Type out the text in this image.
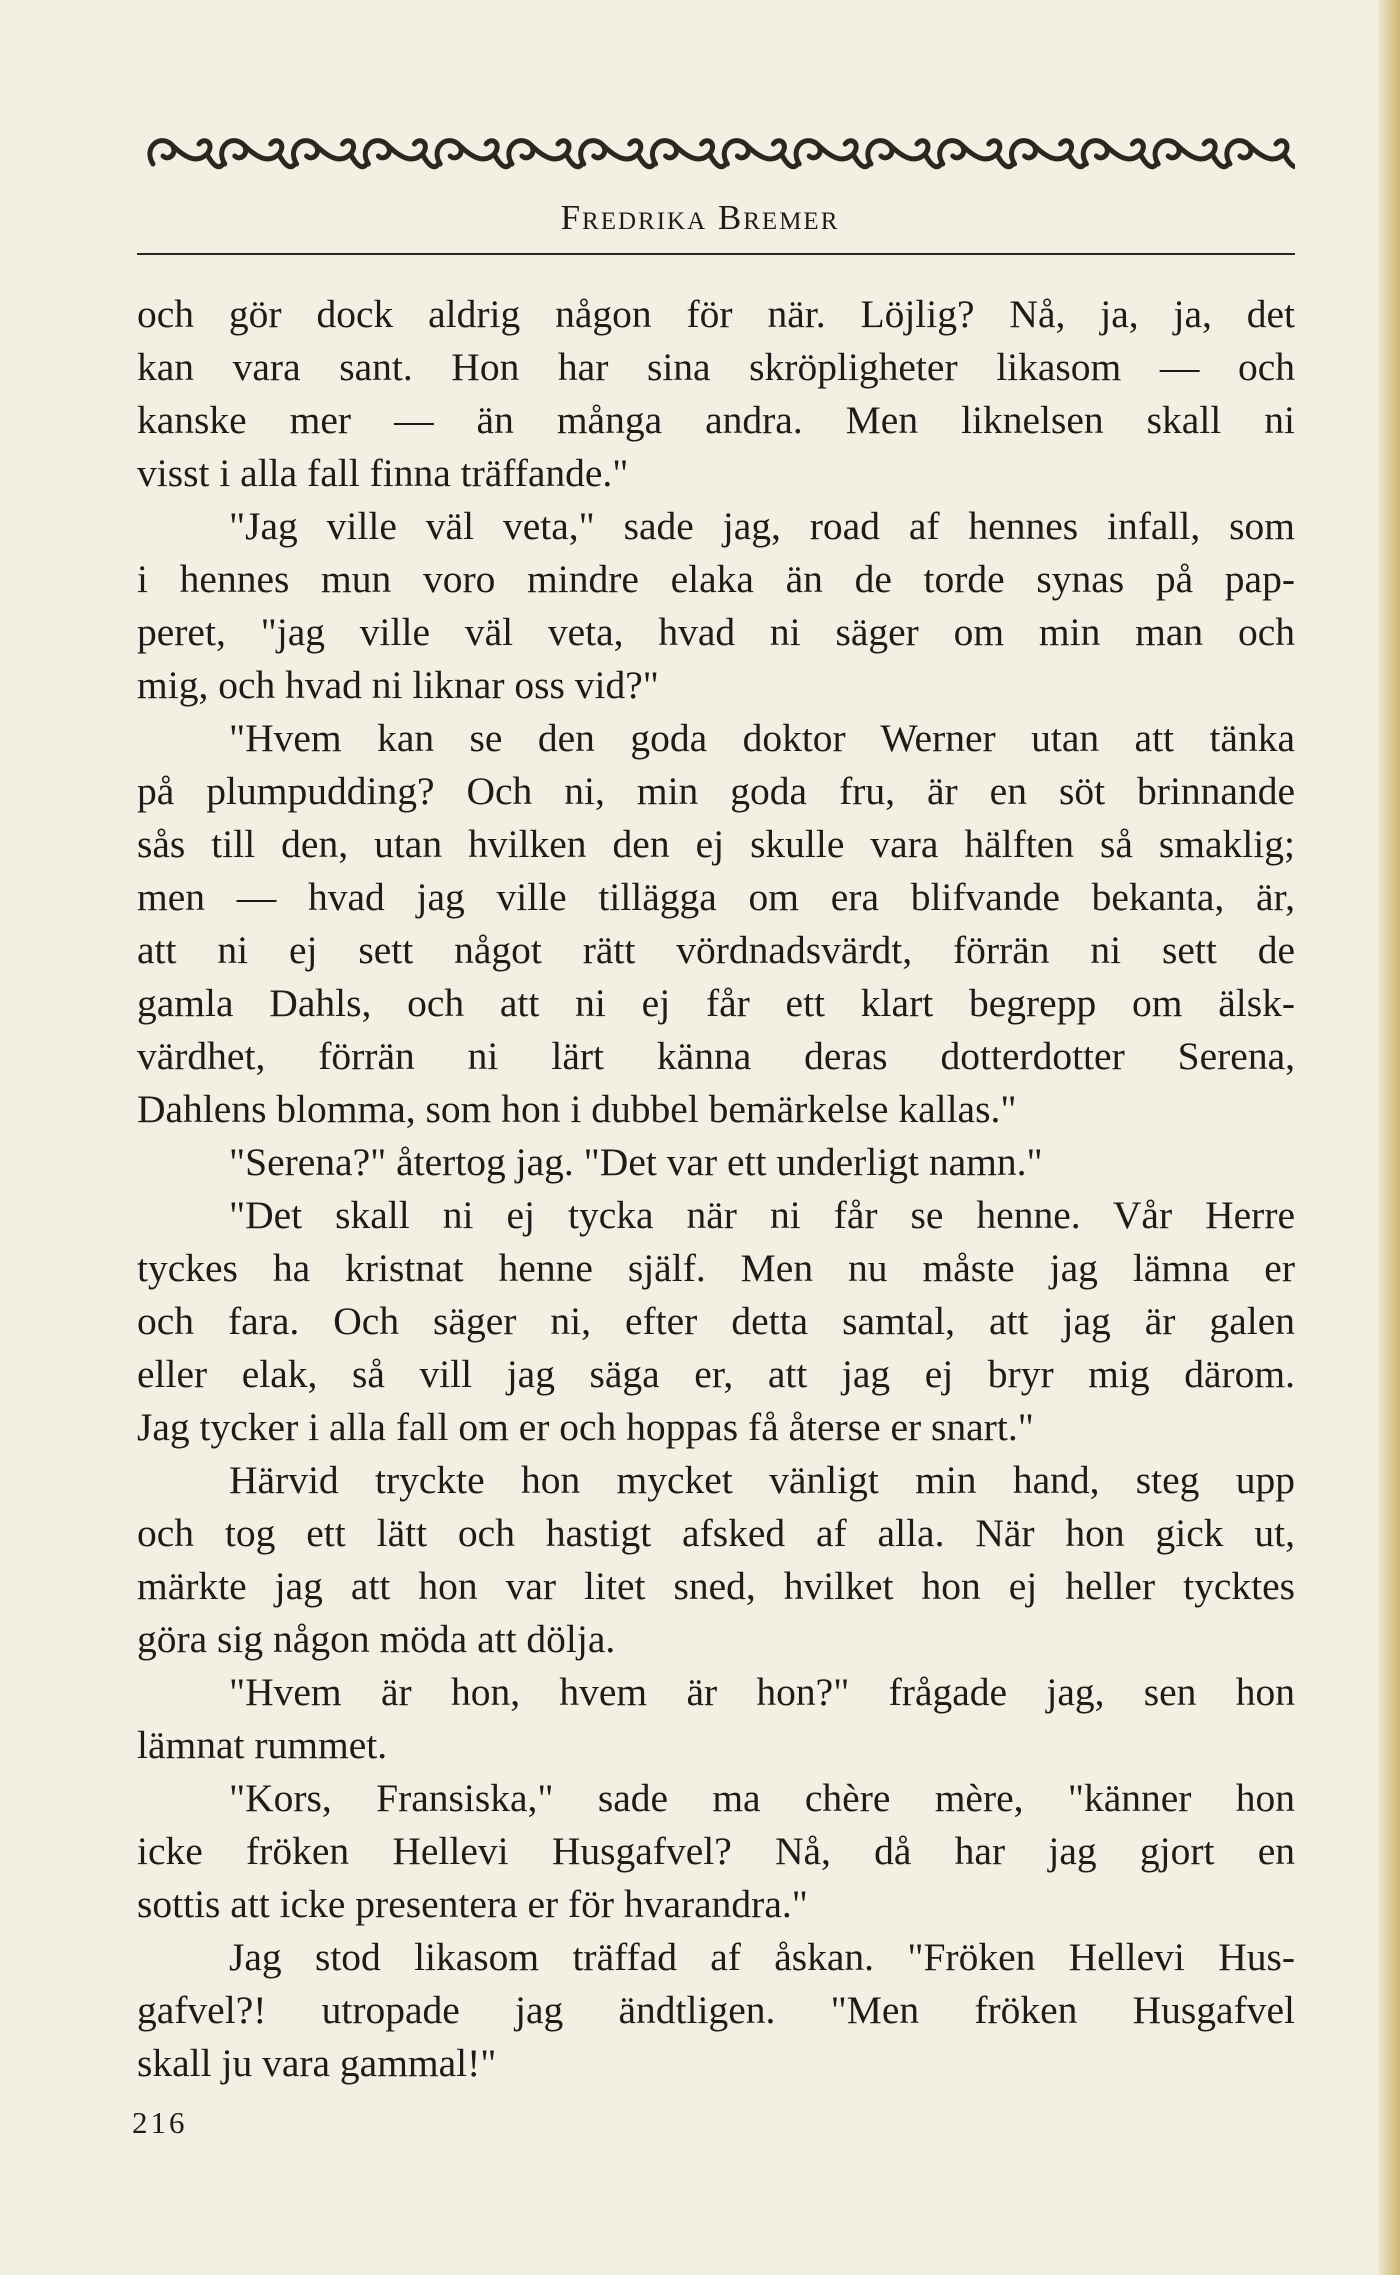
Fredrika Bremer
och gör dock aldrig någon för när. Löjlig? Nå, ja, ja, det
kan vara sant. Hon har sina skröpligheter likasom — och
kanske mer — än många andra. Men liknelsen skall ni
visst i alla fall finna träffande."
"Jag ville väl veta," sade jag, road af hennes infall, som
i hennes mun voro mindre elaka än de torde synas på pap-
peret, "jag ville väl veta, hvad ni säger om min man och
mig, och hvad ni liknar oss vid?"
"Hvem kan se den goda doktor Werner utan att tänka
på plumpudding? Och ni, min goda fru, är en söt brinnande
sås till den, utan hvilken den ej skulle vara hälften så smaklig;
men — hvad jag ville tillägga om era blifvande bekanta, är,
att ni ej sett något rätt vördnadsvärdt, förrän ni sett de
gamla Dahls, och att ni ej får ett klart begrepp om älsk-
värdhet, förrän ni lärt känna deras dotterdotter Serena,
Dahlens blomma, som hon i dubbel bemärkelse kallas."
"Serena?" återtog jag. "Det var ett underligt namn."
"Det skall ni ej tycka när ni får se henne. Vår Herre
tyckes ha kristnat henne själf. Men nu måste jag lämna er
och fara. Och säger ni, efter detta samtal, att jag är galen
eller elak, så vill jag säga er, att jag ej bryr mig därom.
Jag tycker i alla fall om er och hoppas få återse er snart."
Härvid tryckte hon mycket vänligt min hand, steg upp
och tog ett lätt och hastigt afsked af alla. När hon gick ut,
märkte jag att hon var litet sned, hvilket hon ej heller tycktes
göra sig någon möda att dölja.
"Hvem är hon, hvem är hon?" frågade jag, sen hon
lämnat rummet.
"Kors, Fransiska," sade ma chère mère, "känner hon
icke fröken Hellevi Husgafvel? Nå, då har jag gjort en
sottis att icke presentera er för hvarandra."
Jag stod likasom träffad af åskan. "Fröken Hellevi Hus-
gafvel?! utropade jag ändtligen. "Men fröken Husgafvel
skall ju vara gammal!"
216
